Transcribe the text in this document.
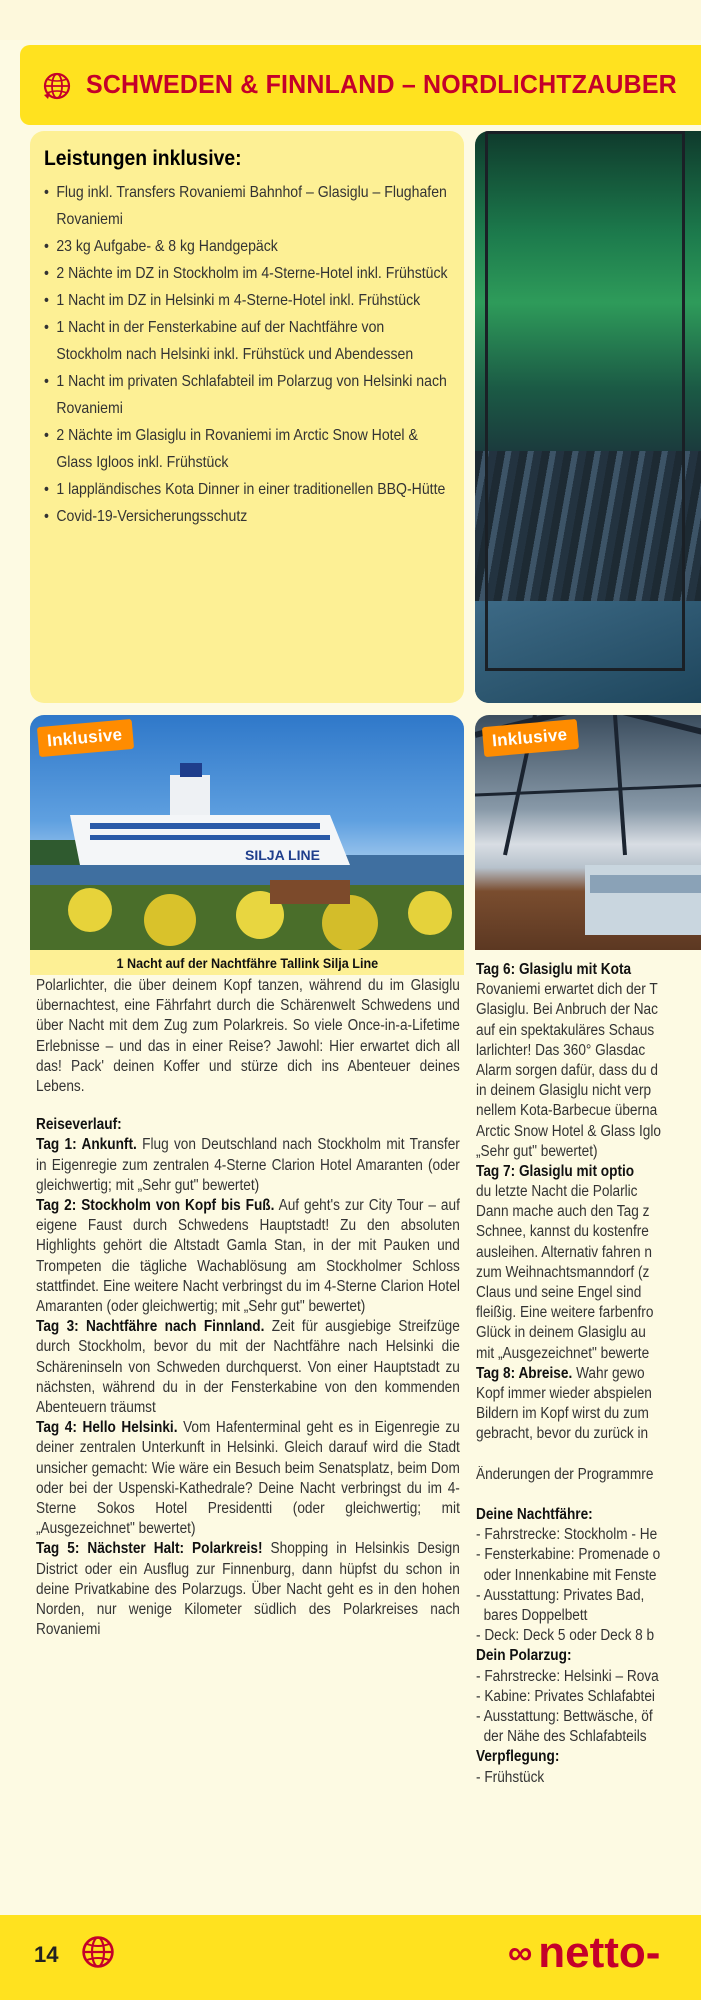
SCHWEDEN & FINNLAND – NORDLICHTZAUBER
Leistungen inklusive:
• Flug inkl. Transfers Rovaniemi Bahnhof – Glasiglu – Flughafen Rovaniemi
• 23 kg Aufgabe- & 8 kg Handgepäck
• 2 Nächte im DZ in Stockholm im 4-Sterne-Hotel inkl. Frühstück
• 1 Nacht im DZ in Helsinki m 4-Sterne-Hotel inkl. Frühstück
• 1 Nacht in der Fensterkabine auf der Nachtfähre von Stockholm nach Helsinki inkl. Frühstück und Abendessen
• 1 Nacht im privaten Schlafabteil im Polarzug von Helsinki nach Rovaniemi
• 2 Nächte im Glasiglu in Rovaniemi im Arctic Snow Hotel & Glass Igloos inkl. Frühstück
• 1 lappländisches Kota Dinner in einer traditionellen BBQ-Hütte
• Covid-19-Versicherungsschutz
SILJA LINE
Inklusive	Inklusive
1 Nacht auf der Nachtfähre Tallink Silja Line
Polarlichter, die über deinem Kopf tanzen, während du im Glasiglu übernachtest, eine Fährfahrt durch die Schärenwelt Schwedens und über Nacht mit dem Zug zum Polarkreis. So viele Once-in-a-Lifetime Erlebnisse – und das in einer Reise? Jawohl: Hier erwartet dich all das! Pack' deinen Koffer und stürze dich ins Abenteuer deines Lebens.
Reiseverlauf:
Tag 1: Ankunft. Flug von Deutschland nach Stockholm mit Transfer in Eigenregie zum zentralen 4-Sterne Clarion Hotel Amaranten (oder gleichwertig; mit „Sehr gut" bewertet)
Tag 2: Stockholm von Kopf bis Fuß. Auf geht's zur City Tour – auf eigene Faust durch Schwedens Hauptstadt! Zu den absoluten Highlights gehört die Altstadt Gamla Stan, in der mit Pauken und Trompeten die tägliche Wachablösung am Stockholmer Schloss stattfindet. Eine weitere Nacht verbringst du im 4-Sterne Clarion Hotel Amaranten (oder gleichwertig; mit „Sehr gut" bewertet)
Tag 3: Nachtfähre nach Finnland. Zeit für ausgiebige Streifzüge durch Stockholm, bevor du mit der Nachtfähre nach Helsinki die Schäreninseln von Schweden durchquerst. Von einer Hauptstadt zu nächsten, während du in der Fensterkabine von den kommenden Abenteuern träumst
Tag 4: Hello Helsinki. Vom Hafenterminal geht es in Eigenregie zu deiner zentralen Unterkunft in Helsinki. Gleich darauf wird die Stadt unsicher gemacht: Wie wäre ein Besuch beim Senatsplatz, beim Dom oder bei der Uspenski-Kathedrale? Deine Nacht verbringst du im 4-Sterne Sokos Hotel Presidentti (oder gleichwertig; mit „Ausgezeichnet" bewertet)
Tag 5: Nächster Halt: Polarkreis! Shopping in Helsinkis Design District oder ein Ausflug zur Finnenburg, dann hüpfst du schon in deine Privatkabine des Polarzugs. Über Nacht geht es in den hohen Norden, nur wenige Kilometer südlich des Polarkreises nach Rovaniemi
Tag 6: Glasiglu mit Kota
Rovaniemi erwartet dich der T
Glasiglu. Bei Anbruch der Nac
auf ein spektakuläres Schaus
larlichter! Das 360° Glasdac
Alarm sorgen dafür, dass du d
in deinem Glasiglu nicht verp
nellem Kota-Barbecue überna
Arctic Snow Hotel & Glass Iglo
„Sehr gut" bewertet)
Tag 7: Glasiglu mit optio
du letzte Nacht die Polarlic
Dann mache auch den Tag z
Schnee, kannst du kostenfre
ausleihen. Alternativ fahren n
zum Weihnachtsmanndorf (z
Claus und seine Engel sind
fleißig. Eine weitere farbenfro
Glück in deinem Glasiglu au
mit „Ausgezeichnet" bewerte
Tag 8: Abreise. Wahr gewo
Kopf immer wieder abspielen
Bildern im Kopf wirst du zum
gebracht, bevor du zurück in
Änderungen der Programmre
Deine Nachtfähre:
- Fahrstrecke: Stockholm - He
- Fensterkabine: Promenade o
oder Innenkabine mit Fenste
- Ausstattung: Privates Bad,
bares Doppelbett
- Deck: Deck 5 oder Deck 8 b
Dein Polarzug:
- Fahrstrecke: Helsinki – Rova
- Kabine: Privates Schlafabtei
- Ausstattung: Bettwäsche, öf
der Nähe des Schlafabteils
Verpflegung:
- Frühstück
14	∞ netto-
